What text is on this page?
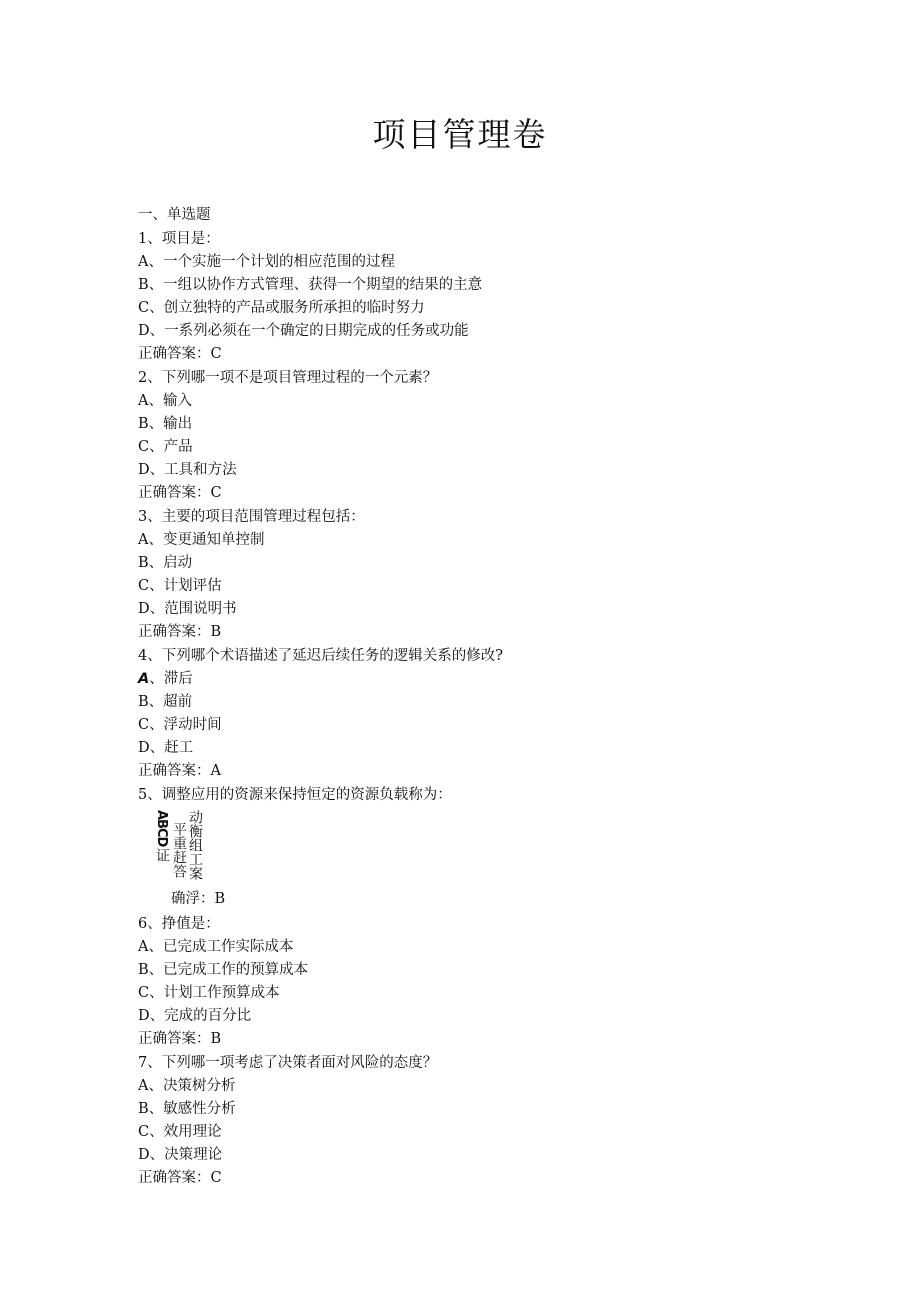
项目管理卷

一、单选题

1、项目是：

A、一个实施一个计划的相应范围的过程

B、一组以协作方式管理、获得一个期望的结果的主意

C、创立独特的产品或服务所承担的临时努力

D、一系列必须在一个确定的日期完成的任务或功能

正确答案：C

2、下列哪一项不是项目管理过程的一个元素？

A、输入

B、输出

C、产品

D、工具和方法

正确答案：C

3、主要的项目范围管理过程包括：

A、变更通知单控制

B、启动

C、计划评估

D、范围说明书

正确答案：B

4、下列哪个术语描述了延迟后续任务的逻辑关系的修改?

A、滞后

B、超前

C、浮动时间

D、赶工

正确答案：A

5、调整应用的资源来保持恒定的资源负载称为：

ABCD
证 平重赶答 动衡组工案
确浮：B

6、挣值是：

A、已完成工作实际成本

B、已完成工作的预算成本

C、计划工作预算成本

D、完成的百分比

正确答案：B

7、下列哪一项考虑了决策者面对风险的态度？

A、决策树分析

B、敏感性分析

C、效用理论

D、决策理论

正确答案：C
